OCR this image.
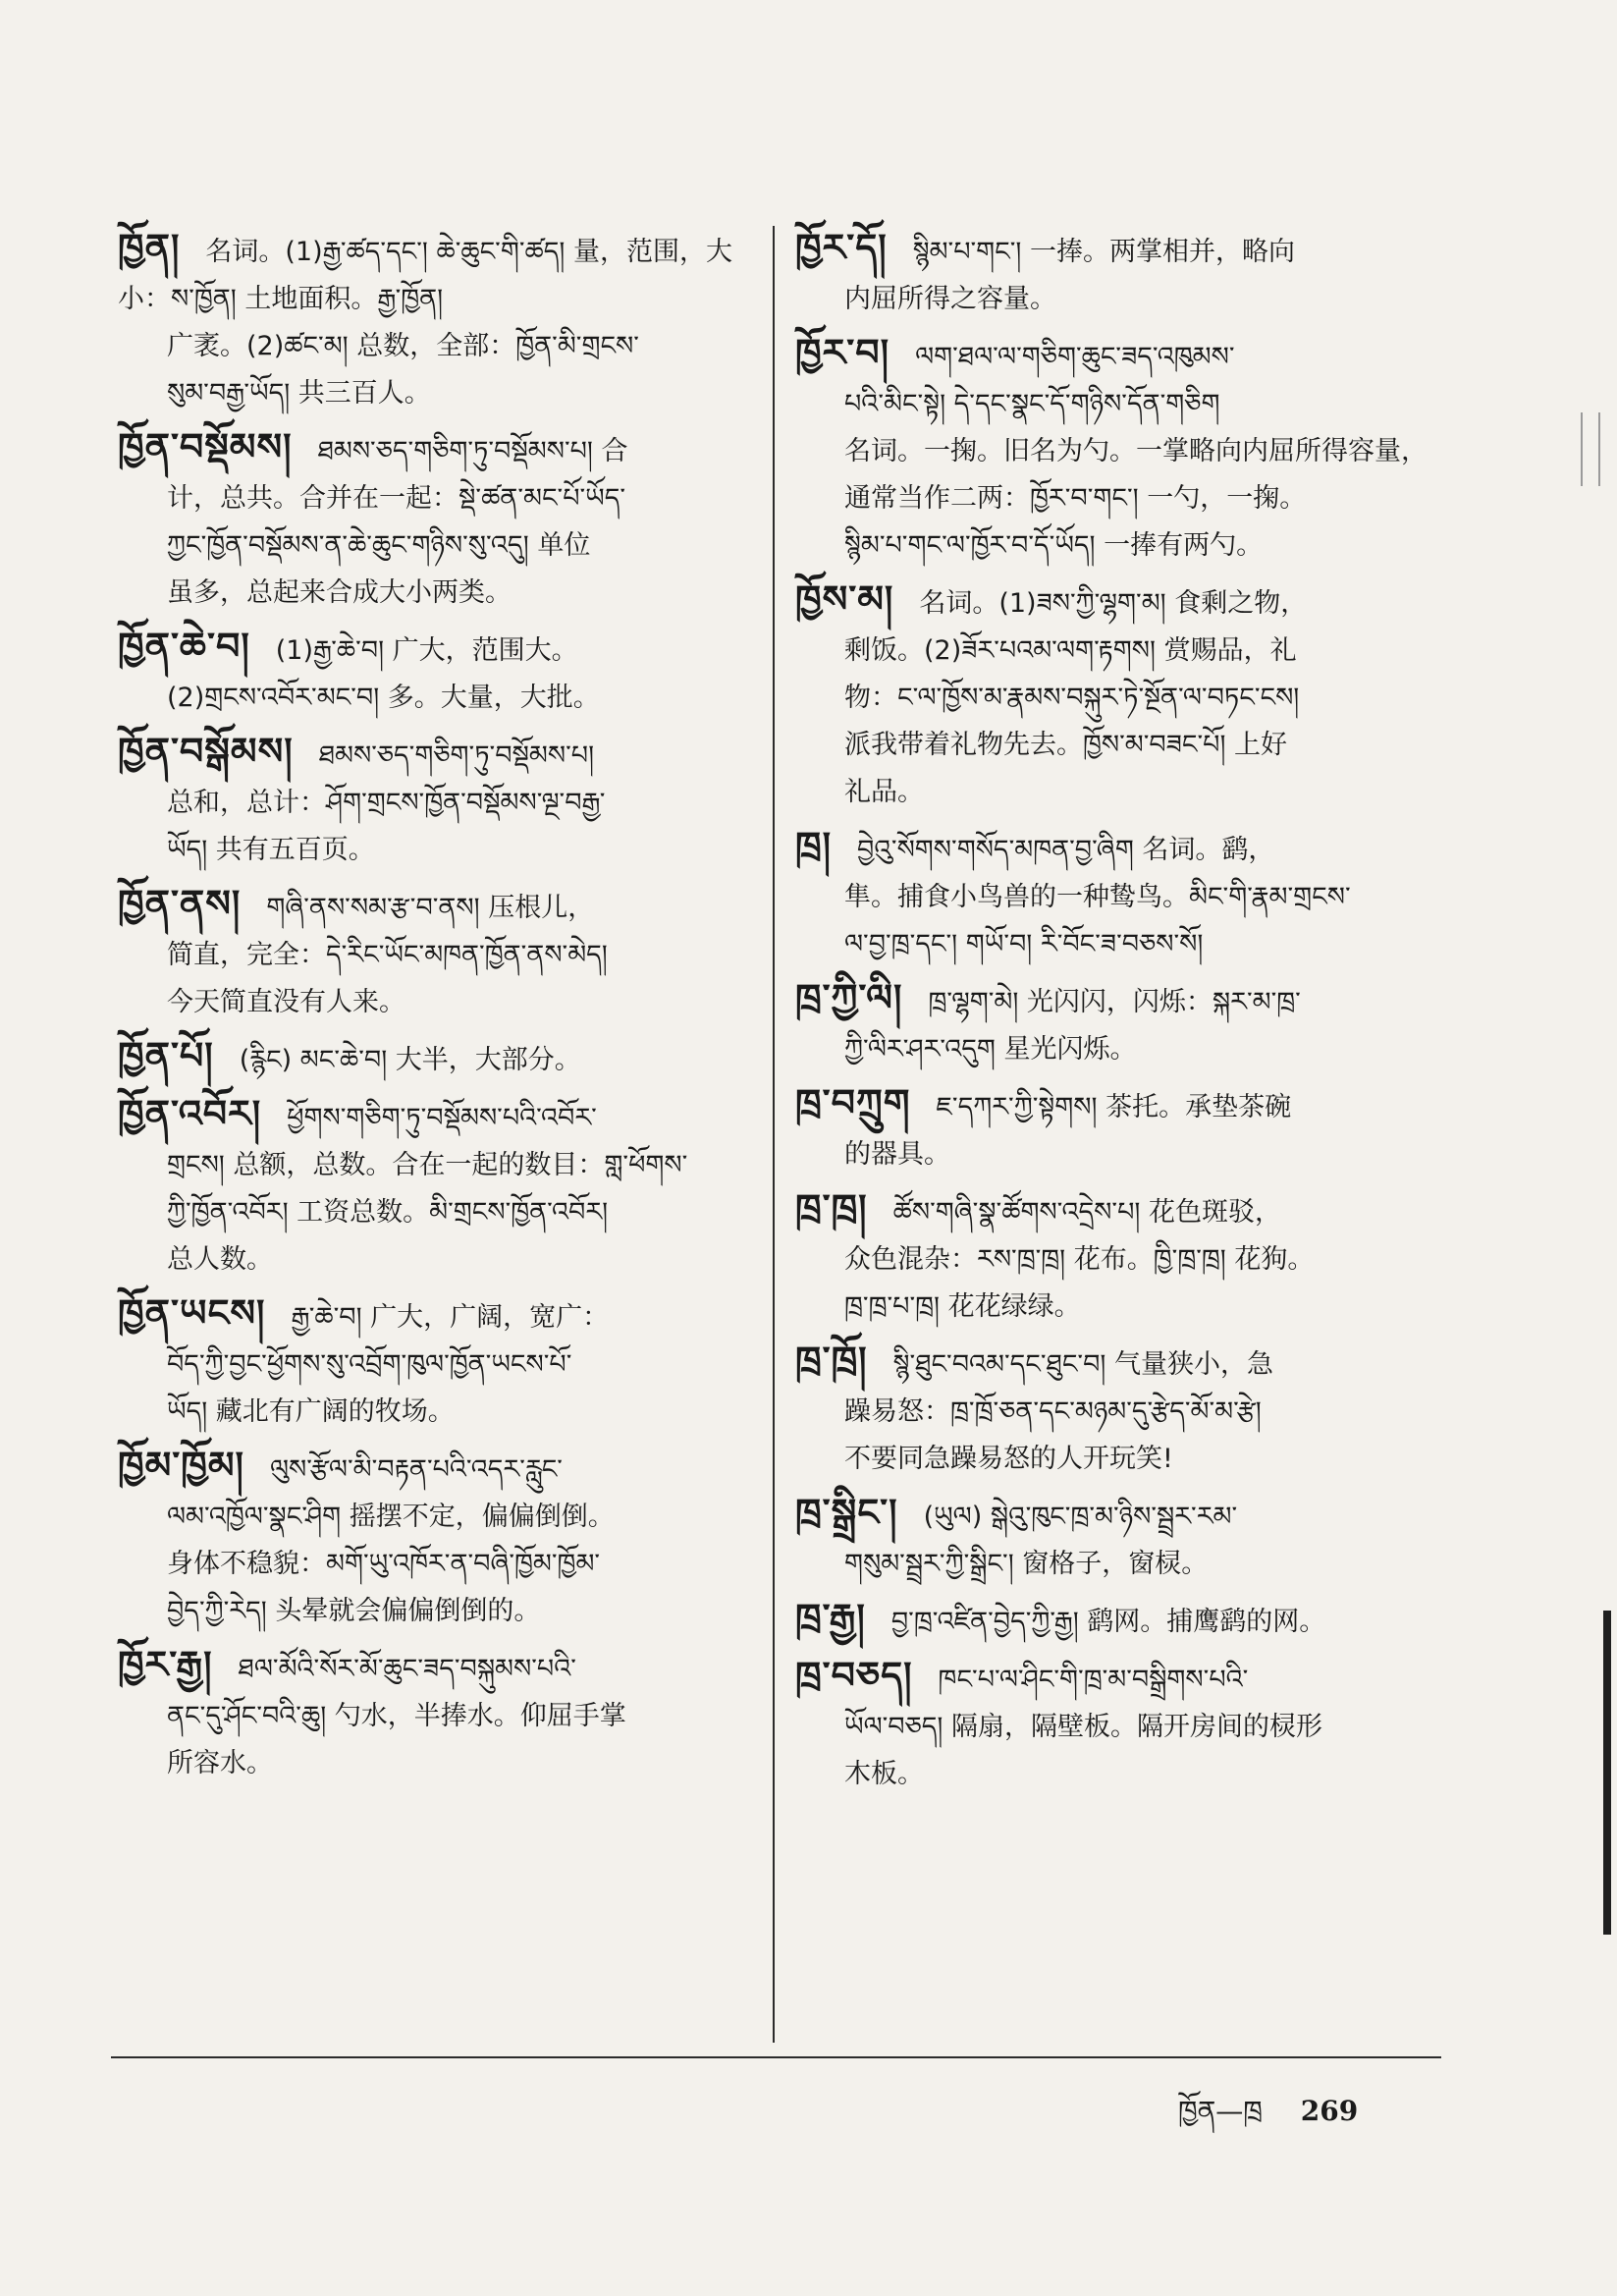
ཁྱོན། 名词。(1)རྒྱ་ཚད་དང་། ཆེ་ཆུང་གི་ཚད། 量，范围，大小：ས་ཁྱོན། 土地面积。རྒྱ་ཁྱོན།
广袤。(2)ཚང་མ། 总数，全部：ཁྱོན་མི་གྲངས་
སུམ་བརྒྱ་ཡོད། 共三百人。
ཁྱོན་བསྡོམས། ཐམས་ཅད་གཅིག་ཏུ་བསྡོམས་པ། 合
计，总共。合并在一起：སྡེ་ཚན་མང་པོ་ཡོད་
ཀྱང་ཁྱོན་བསྡོམས་ན་ཆེ་ཆུང་གཉིས་སུ་འདུ། 单位
虽多，总起来合成大小两类。
ཁྱོན་ཆེ་བ། (1)རྒྱ་ཆེ་བ། 广大，范围大。
(2)གྲངས་འབོར་མང་བ། 多。大量，大批。
ཁྱོན་བསྒོམས། ཐམས་ཅད་གཅིག་ཏུ་བསྡོམས་པ།
总和，总计：ཤོག་གྲངས་ཁྱོན་བསྡོམས་ལྔ་བརྒྱ་
ཡོད། 共有五百页。
ཁྱོན་ནས། གཞི་ནས་སམ་རྩ་བ་ནས། 压根儿，
简直，完全：དེ་རིང་ཡོང་མཁན་ཁྱོན་ནས་མེད།
今天简直没有人来。
ཁྱོན་པོ། (རྙིང) མང་ཆེ་བ། 大半，大部分。
ཁྱོན་འབོར། ཕྱོགས་གཅིག་ཏུ་བསྡོམས་པའི་འབོར་
གྲངས། 总额，总数。合在一起的数目：གླ་ཕོགས་
ཀྱི་ཁྱོན་འབོར། 工资总数。མི་གྲངས་ཁྱོན་འབོར།
总人数。
ཁྱོན་ཡངས། རྒྱ་ཆེ་བ། 广大，广阔，宽广：
བོད་ཀྱི་བྱང་ཕྱོགས་སུ་འབྲོག་ཁུལ་ཁྱོན་ཡངས་པོ་
ཡོད། 藏北有广阔的牧场。
ཁྱོམ་ཁྱོམ། ལུས་རྩོལ་མི་བརྟན་པའི་འདར་རླུང་
ལམ་འཁྱོལ་སྣང་ཤིག 摇摆不定，偏偏倒倒。
身体不稳貌：མགོ་ཡུ་འཁོར་ན་བཞི་ཁྱོམ་ཁྱོམ་
བྱེད་ཀྱི་རེད། 头晕就会偏偏倒倒的。
ཁྱོར་རྒྱ། ཐལ་མོའི་སོར་མོ་ཆུང་ཟད་བསྐུམས་པའི་
ནང་དུ་ཤོང་བའི་ཆུ། 勺水，半捧水。仰屈手掌
所容水。
ཁྱོར་དོ། སྙིམ་པ་གང་། 一捧。两掌相并，略向
内屈所得之容量。
ཁྱོར་བ། ལག་ཐལ་ལ་གཅིག་ཆུང་ཟད་འཁུམས་
པའི་མིང་སྟེ། དེ་དང་སྣང་དོ་གཉིས་དོན་གཅིག
名词。一掬。旧名为勺。一掌略向内屈所得容量，
通常当作二两：ཁྱོར་བ་གང་། 一勺，一掬。
སྙིམ་པ་གང་ལ་ཁྱོར་བ་དོ་ཡོད། 一捧有两勺。
ཁྱོས་མ། 名词。(1)ཟས་ཀྱི་ལྷག་མ། 食剩之物，
剩饭。(2)ཟོར་པའམ་ལག་རྟགས། 赏赐品，礼
物：ང་ལ་ཁྱོས་མ་རྣམས་བསྐུར་ཏེ་སྔོན་ལ་བཏང་ངས།
派我带着礼物先去。ཁྱོས་མ་བཟང་པོ། 上好
礼品。
ཁྲ། བྱེའུ་སོགས་གསོད་མཁན་བྱ་ཞིག 名词。鹞，
隼。捕食小鸟兽的一种鸷鸟。མིང་གི་རྣམ་གྲངས་
ལ་བྱ་ཁྲ་དང་། གཡོ་བ། རི་བོང་ཟ་བཅས་སོ།
ཁྲ་ཀྱི་ལི། ཁྲ་ལྷག་མེ། 光闪闪，闪烁：སྐར་མ་ཁྲ་
ཀྱི་ལིར་ཤར་འདུག 星光闪烁。
ཁྲ་བཀྲུག ཇ་དཀར་ཀྱི་སྟེགས། 茶托。承垫茶碗
的器具。
ཁྲ་ཁྲ། ཚོས་གཞི་སྣ་ཚོགས་འདྲེས་པ། 花色斑驳，
众色混杂：རས་ཁྲ་ཁྲ། 花布。ཁྱི་ཁྲ་ཁྲ། 花狗。
ཁྲ་ཁྲ་པ་ཁྲ། 花花绿绿。
ཁྲ་ཁྲོ། སྙི་ཐུང་བའམ་དང་ཐུང་བ། 气量狭小，急
躁易怒：ཁྲ་ཁྲོ་ཅན་དང་མཉམ་དུ་རྩེད་མོ་མ་རྩེ།
不要同急躁易怒的人开玩笑!
ཁྲ་སྒྲིང་། (ཡུལ) སྒེའུ་ཁུང་ཁྲ་མ་ཉིས་སྦྲར་རམ་
གསུམ་སྦྲར་ཀྱི་སྒྲིང་། 窗格子，窗棂。
ཁྲ་རྒྱ། བྱ་ཁྲ་འཛིན་བྱེད་ཀྱི་རྒྱ། 鹞网。捕鹰鹞的网。
ཁྲ་བཅད། ཁང་པ་ལ་ཤིང་གི་ཁྲ་མ་བསྒྲིགས་པའི་
ཡོལ་བཅད། 隔扇，隔壁板。隔开房间的棂形
木板。
ཁྱོན—ཁྲ 269
